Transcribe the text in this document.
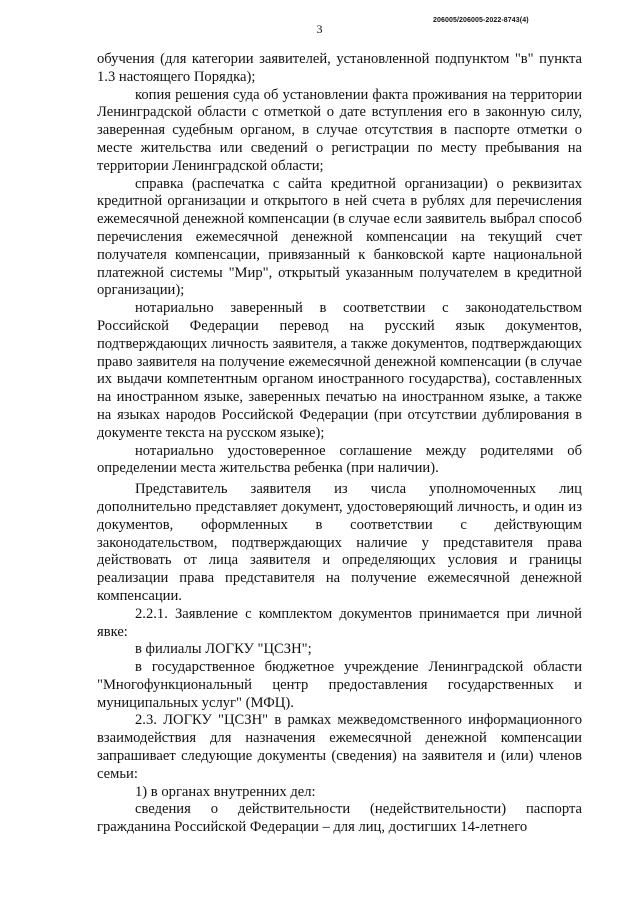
3
206005/206005-2022-8743(4)

обучения (для категории заявителей, установленной подпунктом "в" пункта 1.3 настоящего Порядка);

копия решения суда об установлении факта проживания на территории Ленинградской области с отметкой о дате вступления его в законную силу, заверенная судебным органом, в случае отсутствия в паспорте отметки о месте жительства или сведений о регистрации по месту пребывания на территории Ленинградской области;

справка (распечатка с сайта кредитной организации) о реквизитах кредитной организации и открытого в ней счета в рублях для перечисления ежемесячной денежной компенсации (в случае если заявитель выбрал способ перечисления ежемесячной денежной компенсации на текущий счет получателя компенсации, привязанный к банковской карте национальной платежной системы "Мир", открытый указанным получателем в кредитной организации);

нотариально заверенный в соответствии с законодательством Российской Федерации перевод на русский язык документов, подтверждающих личность заявителя, а также документов, подтверждающих право заявителя на получение ежемесячной денежной компенсации (в случае их выдачи компетентным органом иностранного государства), составленных на иностранном языке, заверенных печатью на иностранном языке, а также на языках народов Российской Федерации (при отсутствии дублирования в документе текста на русском языке);

нотариально удостоверенное соглашение между родителями об определении места жительства ребенка (при наличии).

Представитель заявителя из числа уполномоченных лиц дополнительно представляет документ, удостоверяющий личность, и один из документов, оформленных в соответствии с действующим законодательством, подтверждающих наличие у представителя права действовать от лица заявителя и определяющих условия и границы реализации права представителя на получение ежемесячной денежной компенсации.

2.2.1. Заявление с комплектом документов принимается при личной явке:

в филиалы ЛОГКУ "ЦСЗН";

в государственное бюджетное учреждение Ленинградской области "Многофункциональный центр предоставления государственных и муниципальных услуг" (МФЦ).

2.3. ЛОГКУ "ЦСЗН" в рамках межведомственного информационного взаимодействия для назначения ежемесячной денежной компенсации запрашивает следующие документы (сведения) на заявителя и (или) членов семьи:

1) в органах внутренних дел:

сведения о действительности (недействительности) паспорта гражданина Российской Федерации – для лиц, достигших 14-летнего
